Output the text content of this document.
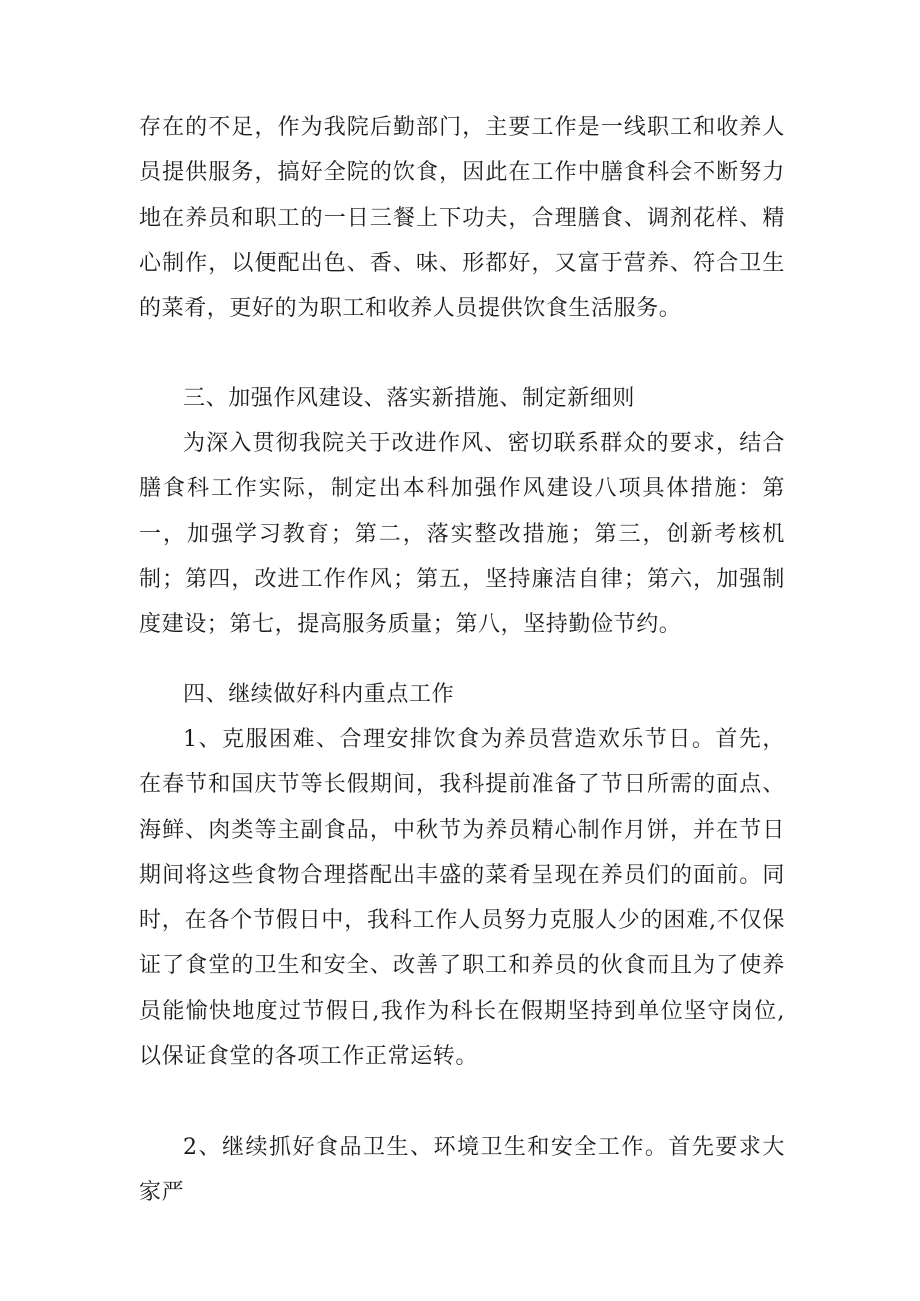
存在的不足，作为我院后勤部门，主要工作是一线职工和收养人员提供服务，搞好全院的饮食，因此在工作中膳食科会不断努力地在养员和职工的一日三餐上下功夫，合理膳食、调剂花样、精心制作，以便配出色、香、味、形都好，又富于营养、符合卫生的菜肴，更好的为职工和收养人员提供饮食生活服务。

三、加强作风建设、落实新措施、制定新细则

为深入贯彻我院关于改进作风、密切联系群众的要求，结合膳食科工作实际，制定出本科加强作风建设八项具体措施：第一，加强学习教育；第二，落实整改措施；第三，创新考核机制；第四，改进工作作风；第五，坚持廉洁自律；第六，加强制度建设；第七，提高服务质量；第八，坚持勤俭节约。

四、继续做好科内重点工作

1、克服困难、合理安排饮食为养员营造欢乐节日。首先，在春节和国庆节等长假期间，我科提前准备了节日所需的面点、海鲜、肉类等主副食品，中秋节为养员精心制作月饼，并在节日期间将这些食物合理搭配出丰盛的菜肴呈现在养员们的面前。同时，在各个节假日中，我科工作人员努力克服人少的困难,不仅保证了食堂的卫生和安全、改善了职工和养员的伙食而且为了使养员能愉快地度过节假日,我作为科长在假期坚持到单位坚守岗位,以保证食堂的各项工作正常运转。

2、继续抓好食品卫生、环境卫生和安全工作。首先要求大家严
